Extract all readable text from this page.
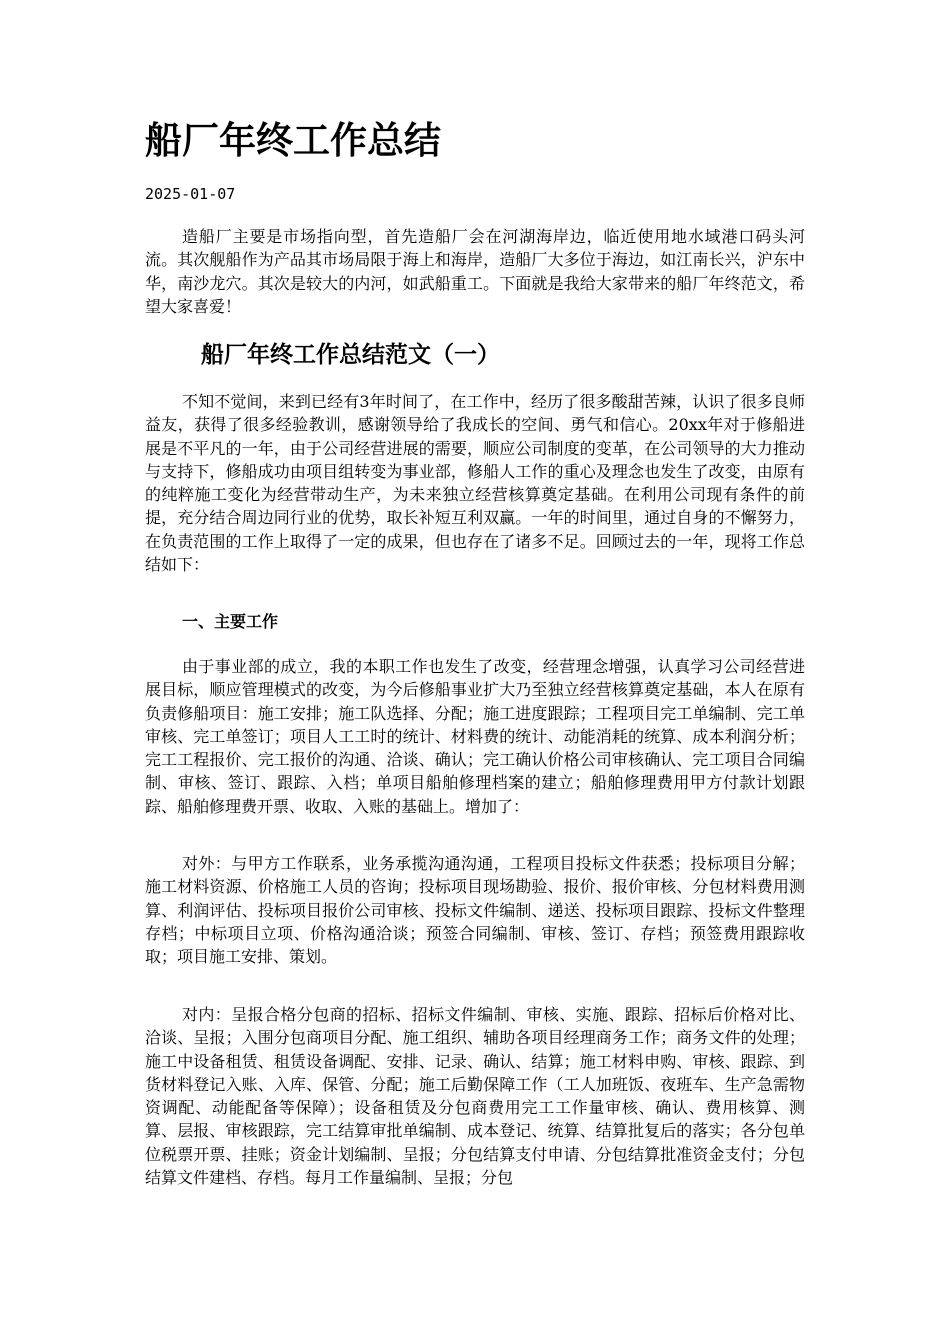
船厂年终工作总结
2025-01-07

造船厂主要是市场指向型，首先造船厂会在河湖海岸边，临近使用地水域港口码头河流。其次舰船作为产品其市场局限于海上和海岸，造船厂大多位于海边，如江南长兴，沪东中华，南沙龙穴。其次是较大的内河，如武船重工。下面就是我给大家带来的船厂年终范文，希望大家喜爱！

船厂年终工作总结范文（一）

不知不觉间，来到已经有3年时间了，在工作中，经历了很多酸甜苦辣，认识了很多良师益友，获得了很多经验教训，感谢领导给了我成长的空间、勇气和信心。20xx年对于修船进展是不平凡的一年，由于公司经营进展的需要，顺应公司制度的变革，在公司领导的大力推动与支持下，修船成功由项目组转变为事业部，修船人工作的重心及理念也发生了改变，由原有的纯粹施工变化为经营带动生产，为未来独立经营核算奠定基础。在利用公司现有条件的前提，充分结合周边同行业的优势，取长补短互利双赢。一年的时间里，通过自身的不懈努力，在负责范围的工作上取得了一定的成果，但也存在了诸多不足。回顾过去的一年，现将工作总结如下：

一、主要工作

由于事业部的成立，我的本职工作也发生了改变，经营理念增强，认真学习公司经营进展目标，顺应管理模式的改变，为今后修船事业扩大乃至独立经营核算奠定基础，本人在原有负责修船项目：施工安排；施工队选择、分配；施工进度跟踪；工程项目完工单编制、完工单审核、完工单签订；项目人工工时的统计、材料费的统计、动能消耗的统算、成本利润分析；完工工程报价、完工报价的沟通、洽谈、确认；完工确认价格公司审核确认、完工项目合同编制、审核、签订、跟踪、入档；单项目船舶修理档案的建立；船舶修理费用甲方付款计划跟踪、船舶修理费开票、收取、入账的基础上。增加了：

对外：与甲方工作联系，业务承揽沟通沟通，工程项目投标文件获悉；投标项目分解；施工材料资源、价格施工人员的咨询；投标项目现场勘验、报价、报价审核、分包材料费用测算、利润评估、投标项目报价公司审核、投标文件编制、递送、投标项目跟踪、投标文件整理存档；中标项目立项、价格沟通洽谈；预签合同编制、审核、签订、存档；预签费用跟踪收取；项目施工安排、策划。

对内：呈报合格分包商的招标、招标文件编制、审核、实施、跟踪、招标后价格对比、洽谈、呈报；入围分包商项目分配、施工组织、辅助各项目经理商务工作；商务文件的处理；施工中设备租赁、租赁设备调配、安排、记录、确认、结算；施工材料申购、审核、跟踪、到货材料登记入账、入库、保管、分配；施工后勤保障工作（工人加班饭、夜班车、生产急需物资调配、动能配备等保障）；设备租赁及分包商费用完工工作量审核、确认、费用核算、测算、层报、审核跟踪，完工结算审批单编制、成本登记、统算、结算批复后的落实；各分包单位税票开票、挂账；资金计划编制、呈报；分包结算支付申请、分包结算批准资金支付；分包结算文件建档、存档。每月工作量编制、呈报；分包
